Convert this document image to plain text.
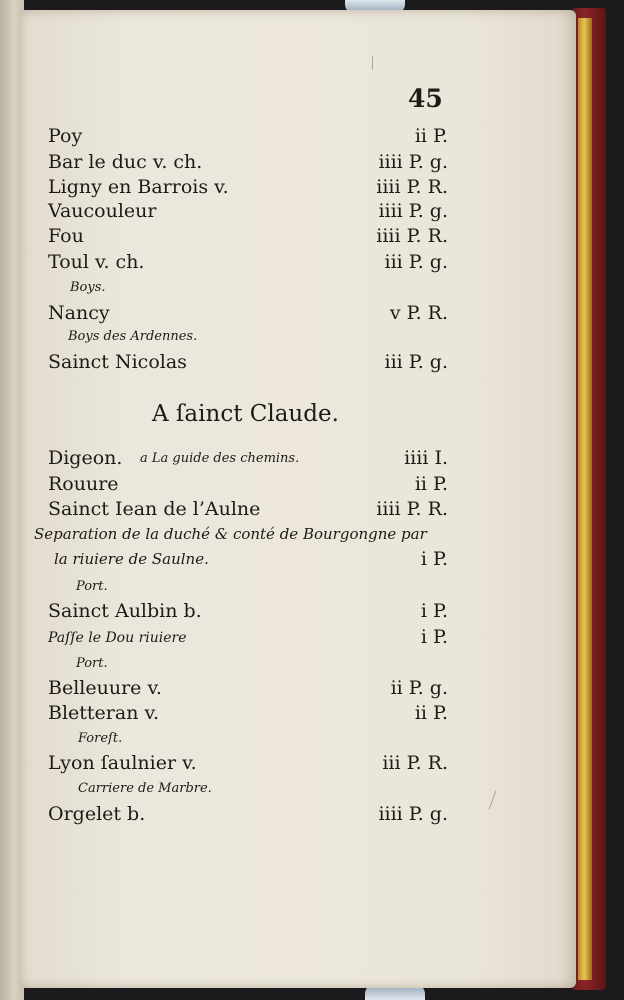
45
Poy	ii P.
Bar le duc v. ch.	iiii P. g.
Ligny en Barrois v.	iiii P. R.
Vaucouleur	iiii P. g.
Fou	iiii P. R.
Toul v. ch.	iii P. g.
Boys.
Nancy	v P. R.
Boys des Ardennes.
Sainct Nicolas	iii P. g.
A ſainct Claude.
Digeon. a La guide des chemins.	iiii I.
Rouure	ii P.
Sainct Iean de l’Aulne	iiii P. R.
Separation de la duché & conté de Bourgongne par
la riuiere de Saulne.	i P.
Port.
Sainct Aulbin b.	i P.
Paſſe le Dou riuiere	i P.
Port.
Belleuure v.	ii P. g.
Bletteran v.	ii P.
Foreſt.
Lyon ſaulnier v.	iii P. R.
Carriere de Marbre.
Orgelet b.	iiii P. g.
